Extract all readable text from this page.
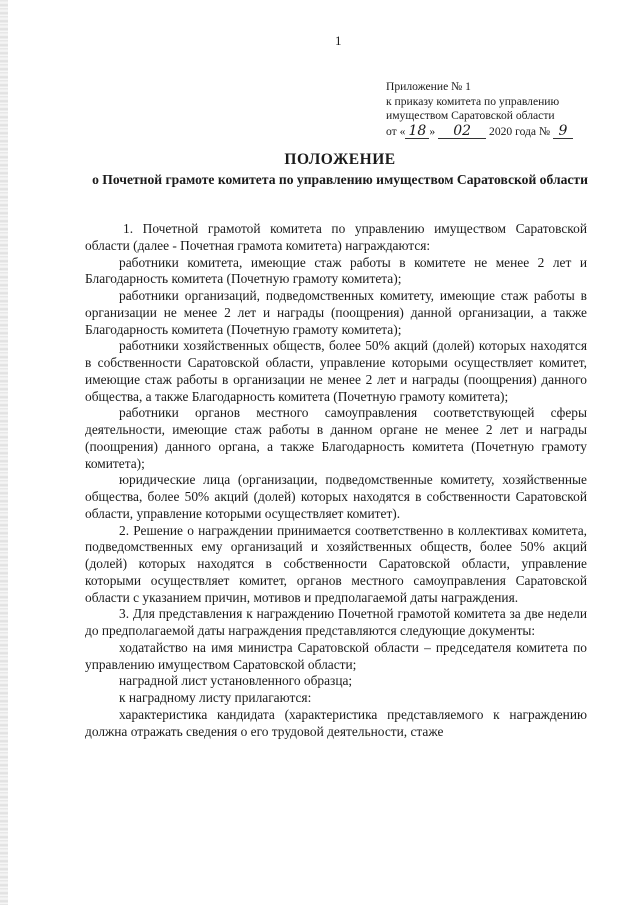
1
Приложение № 1
к приказу комитета по управлению
имуществом Саратовской области
от « 18 » 02 2020 года № 9
ПОЛОЖЕНИЕ
о Почетной грамоте комитета по управлению имуществом Саратовской области

1. Почетной грамотой комитета по управлению имуществом Саратовской области (далее - Почетная грамота комитета) награждаются:

работники комитета, имеющие стаж работы в комитете не менее 2 лет и Благодарность комитета (Почетную грамоту комитета);

работники организаций, подведомственных комитету, имеющие стаж работы в организации не менее 2 лет и награды (поощрения) данной организации, а также Благодарность комитета (Почетную грамоту комитета);

работники хозяйственных обществ, более 50% акций (долей) которых находятся в собственности Саратовской области, управление которыми осуществляет комитет, имеющие стаж работы в организации не менее 2 лет и награды (поощрения) данного общества, а также Благодарность комитета (Почетную грамоту комитета);

работники органов местного самоуправления соответствующей сферы деятельности, имеющие стаж работы в данном органе не менее 2 лет и награды (поощрения) данного органа, а также Благодарность комитета (Почетную грамоту комитета);

юридические лица (организации, подведомственные комитету, хозяйственные общества, более 50% акций (долей) которых находятся в собственности Саратовской области, управление которыми осуществляет комитет).

2. Решение о награждении принимается соответственно в коллективах комитета, подведомственных ему организаций и хозяйственных обществ, более 50% акций (долей) которых находятся в собственности Саратовской области, управление которыми осуществляет комитет, органов местного самоуправления Саратовской области с указанием причин, мотивов и предполагаемой даты награждения.

3. Для представления к награждению Почетной грамотой комитета за две недели до предполагаемой даты награждения представляются следующие документы:

ходатайство на имя министра Саратовской области – председателя комитета по управлению имуществом Саратовской области;

наградной лист установленного образца;

к наградному листу прилагаются:

характеристика кандидата (характеристика представляемого к награждению должна отражать сведения о его трудовой деятельности, стаже
